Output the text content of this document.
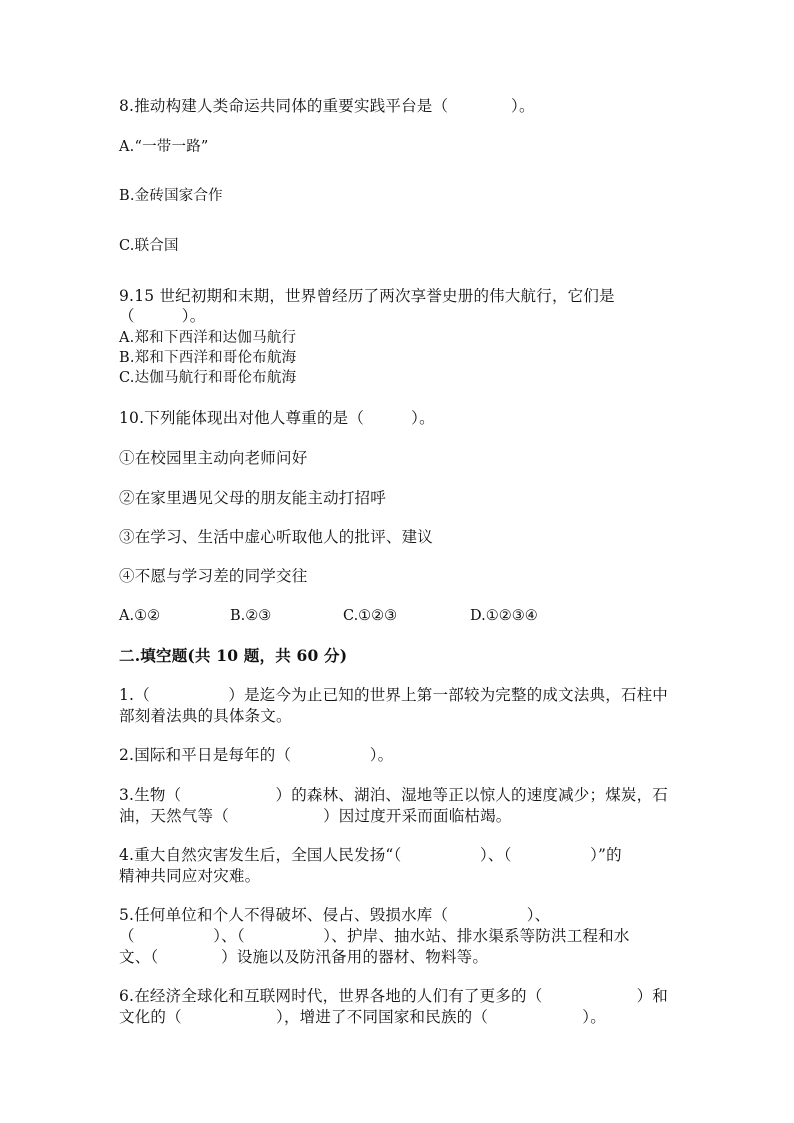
8.推动构建人类命运共同体的重要实践平台是（　　　　）。
A.“一带一路”
B.金砖国家合作
C.联合国
9.15 世纪初期和末期，世界曾经历了两次享誉史册的伟大航行，它们是
（　　　）。
A.郑和下西洋和达伽马航行
B.郑和下西洋和哥伦布航海
C.达伽马航行和哥伦布航海
10.下列能体现出对他人尊重的是（　　　）。
①在校园里主动向老师问好
②在家里遇见父母的朋友能主动打招呼
③在学习、生活中虚心听取他人的批评、建议
④不愿与学习差的同学交往
A.①②	B.②③	C.①②③	D.①②③④
二.填空题(共 10 题，共 60 分)
1.（　　　　　）是迄今为止已知的世界上第一部较为完整的成文法典，石柱中
部刻着法典的具体条文。
2.国际和平日是每年的（　　　　　）。
3.生物（　　　　　　）的森林、湖泊、湿地等正以惊人的速度减少；煤炭，石
油，天然气等（　　　　　　）因过度开采而面临枯竭。
4.重大自然灾害发生后，全国人民发扬“（　　　　　）、（　　　　　）”的
精神共同应对灾难。
5.任何单位和个人不得破坏、侵占、毁损水库（　　　　　）、
（　　　　　）、（　　　　　）、护岸、抽水站、排水渠系等防洪工程和水
文、（　　　　）设施以及防汛备用的器材、物料等。
6.在经济全球化和互联网时代，世界各地的人们有了更多的（　　　　　　）和
文化的（　　　　　　），增进了不同国家和民族的（　　　　　　）。
